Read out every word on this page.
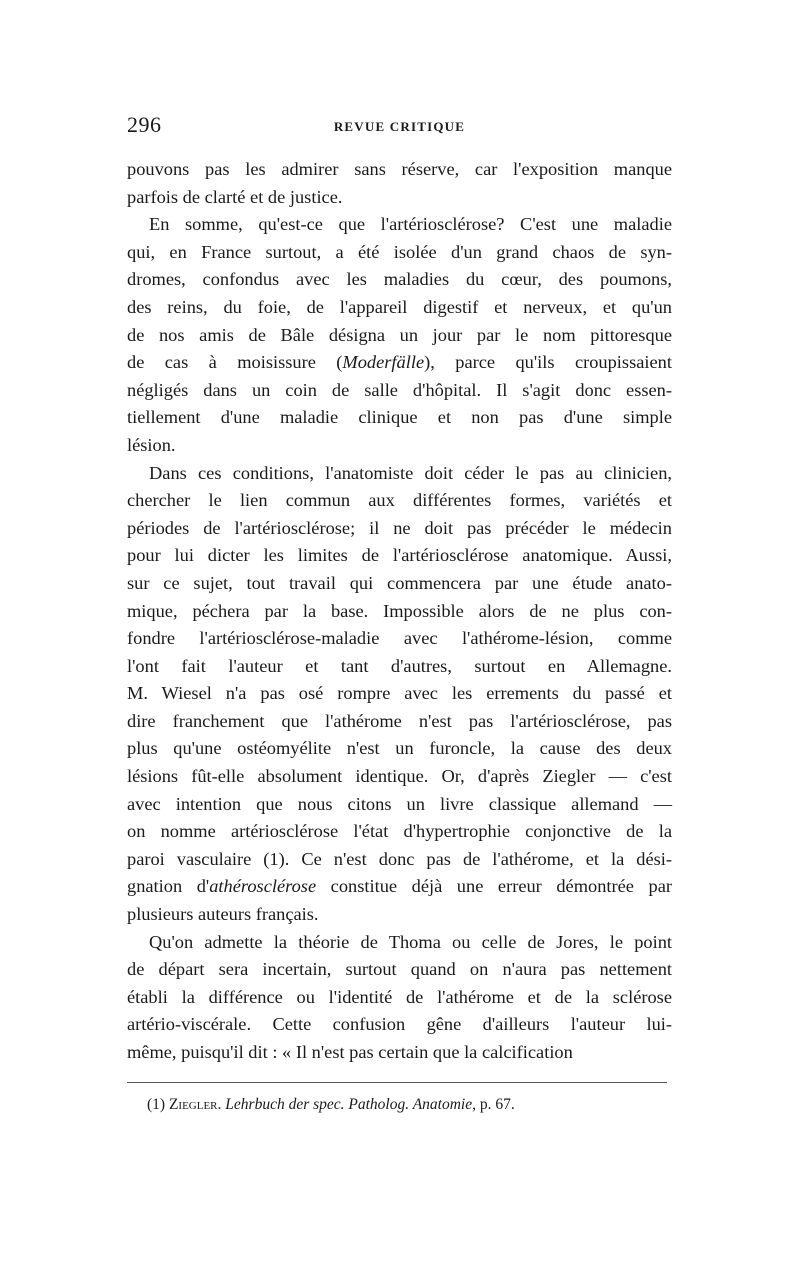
296	REVUE CRITIQUE

pouvons pas les admirer sans réserve, car l'exposition manque
parfois de clarté et de justice.

En somme, qu'est-ce que l'artériosclérose? C'est une maladie
qui, en France surtout, a été isolée d'un grand chaos de syn-
dromes, confondus avec les maladies du cœur, des poumons,
des reins, du foie, de l'appareil digestif et nerveux, et qu'un
de nos amis de Bâle désigna un jour par le nom pittoresque
de cas à moisissure (Moderfälle), parce qu'ils croupissaient
négligés dans un coin de salle d'hôpital. Il s'agit donc essen-
tiellement d'une maladie clinique et non pas d'une simple
lésion.

Dans ces conditions, l'anatomiste doit céder le pas au clinicien,
chercher le lien commun aux différentes formes, variétés et
périodes de l'artériosclérose; il ne doit pas précéder le médecin
pour lui dicter les limites de l'artériosclérose anatomique. Aussi,
sur ce sujet, tout travail qui commencera par une étude anato-
mique, péchera par la base. Impossible alors de ne plus con-
fondre l'artériosclérose-maladie avec l'athérome-lésion, comme
l'ont fait l'auteur et tant d'autres, surtout en Allemagne.
M. Wiesel n'a pas osé rompre avec les errements du passé et
dire franchement que l'athérome n'est pas l'artériosclérose, pas
plus qu'une ostéomyélite n'est un furoncle, la cause des deux
lésions fût-elle absolument identique. Or, d'après Ziegler — c'est
avec intention que nous citons un livre classique allemand —
on nomme artériosclérose l'état d'hypertrophie conjonctive de la
paroi vasculaire (1). Ce n'est donc pas de l'athérome, et la dési-
gnation d'athérosclérose constitue déjà une erreur démontrée par
plusieurs auteurs français.

Qu'on admette la théorie de Thoma ou celle de Jores, le point
de départ sera incertain, surtout quand on n'aura pas nettement
établi la différence ou l'identité de l'athérome et de la sclérose
artério-viscérale. Cette confusion gêne d'ailleurs l'auteur lui-
même, puisqu'il dit : « Il n'est pas certain que la calcification

(1) Ziegler. Lehrbuch der spec. Patholog. Anatomie, p. 67.
